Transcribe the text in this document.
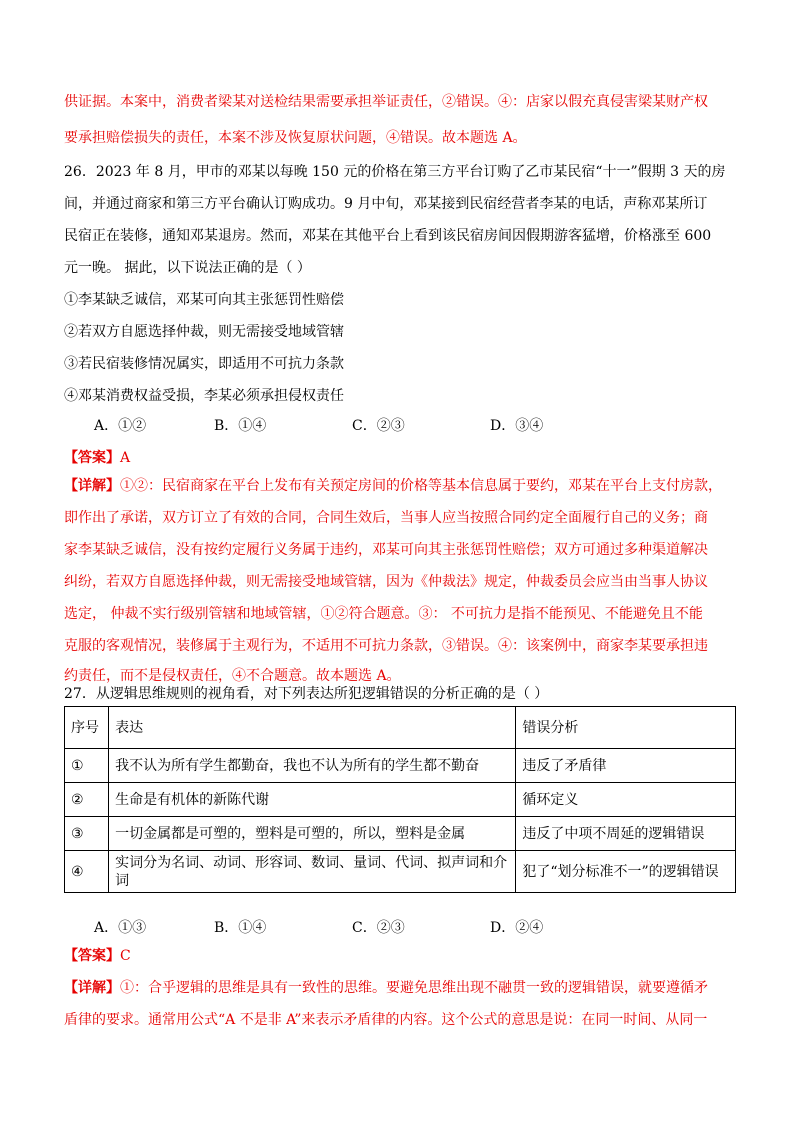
供证据。本案中，消费者梁某对送检结果需要承担举证责任，②错误。④：店家以假充真侵害梁某财产权
要承担赔偿损失的责任，本案不涉及恢复原状问题，④错误。故本题选 A。
26．2023 年 8 月，甲市的邓某以每晚 150 元的价格在第三方平台订购了乙市某民宿“十一”假期 3 天的房
间，并通过商家和第三方平台确认订购成功。9 月中旬，邓某接到民宿经营者李某的电话，声称邓某所订
民宿正在装修，通知邓某退房。然而，邓某在其他平台上看到该民宿房间因假期游客猛增，价格涨至 600
元一晚。 据此，以下说法正确的是（ ）
①李某缺乏诚信，邓某可向其主张惩罚性赔偿
②若双方自愿选择仲裁，则无需接受地域管辖
③若民宿装修情况属实，即适用不可抗力条款
④邓某消费权益受损，李某必须承担侵权责任
A．①②	B．①④	C．②③	D．③④
【答案】A
【详解】①②：民宿商家在平台上发布有关预定房间的价格等基本信息属于要约，邓某在平台上支付房款，
即作出了承诺，双方订立了有效的合同，合同生效后，当事人应当按照合同约定全面履行自己的义务；商
家李某缺乏诚信，没有按约定履行义务属于违约，邓某可向其主张惩罚性赔偿；双方可通过多种渠道解决
纠纷，若双方自愿选择仲裁，则无需接受地域管辖，因为《仲裁法》规定，仲裁委员会应当由当事人协议
选定， 仲裁不实行级别管辖和地域管辖，①②符合题意。③： 不可抗力是指不能预见、不能避免且不能
克服的客观情况，装修属于主观行为，不适用不可抗力条款，③错误。④：该案例中，商家李某要承担违
约责任，而不是侵权责任，④不合题意。故本题选 A。
27．从逻辑思维规则的视角看，对下列表达所犯逻辑错误的分析正确的是（ ）
序号	表达	错误分析
①	我不认为所有学生都勤奋，我也不认为所有的学生都不勤奋	违反了矛盾律
②	生命是有机体的新陈代谢	循环定义
③	一切金属都是可塑的，塑料是可塑的，所以，塑料是金属	违反了中项不周延的逻辑错误
④	实词分为名词、动词、形容词、数词、量词、代词、拟声词和介词	犯了“划分标准不一”的逻辑错误
A．①③	B．①④	C．②③	D．②④
【答案】C
【详解】①：合乎逻辑的思维是具有一致性的思维。要避免思维出现不融贯一致的逻辑错误，就要遵循矛
盾律的要求。通常用公式“A 不是非 A”来表示矛盾律的内容。这个公式的意思是说：在同一时间、从同一
